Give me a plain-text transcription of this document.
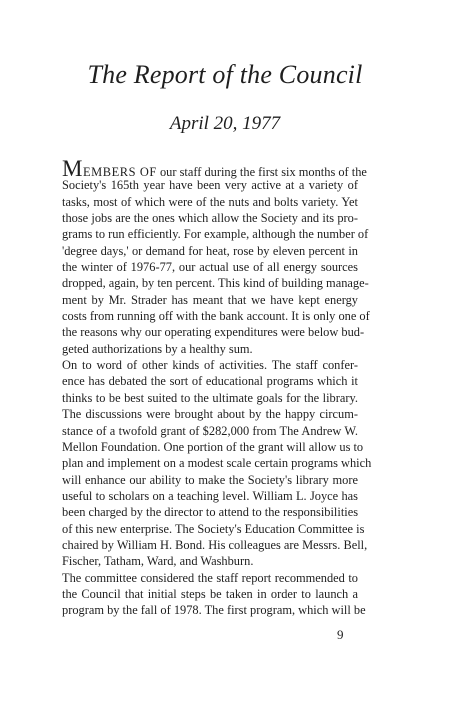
The Report of the Council
April 20, 1977
MEMBERS OF our staff during the first six months of the
Society's 165th year have been very active at a variety of
tasks, most of which were of the nuts and bolts variety. Yet
those jobs are the ones which allow the Society and its pro-
grams to run efficiently. For example, although the number of
'degree days,' or demand for heat, rose by eleven percent in
the winter of 1976-77, our actual use of all energy sources
dropped, again, by ten percent. This kind of building manage-
ment by Mr. Strader has meant that we have kept energy
costs from running off with the bank account. It is only one of
the reasons why our operating expenditures were below bud-
geted authorizations by a healthy sum.
On to word of other kinds of activities. The staff confer-
ence has debated the sort of educational programs which it
thinks to be best suited to the ultimate goals for the library.
The discussions were brought about by the happy circum-
stance of a twofold grant of $282,000 from The Andrew W.
Mellon Foundation. One portion of the grant will allow us to
plan and implement on a modest scale certain programs which
will enhance our ability to make the Society's library more
useful to scholars on a teaching level. William L. Joyce has
been charged by the director to attend to the responsibilities
of this new enterprise. The Society's Education Committee is
chaired by William H. Bond. His colleagues are Messrs. Bell,
Fischer, Tatham, Ward, and Washburn.
The committee considered the staff report recommended to
the Council that initial steps be taken in order to launch a
program by the fall of 1978. The first program, which will be
9
